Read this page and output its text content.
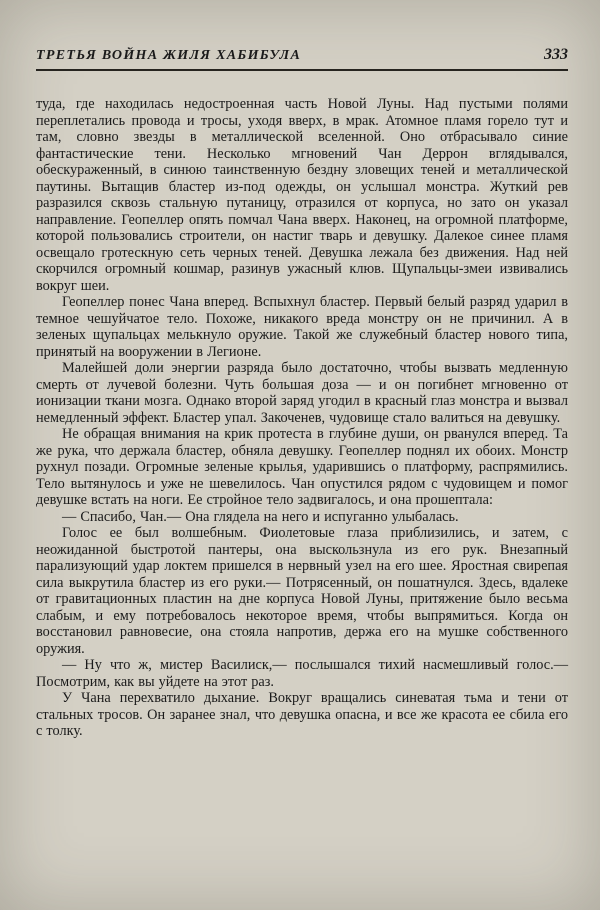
ТРЕТЬЯ ВОЙНА ЖИЛЯ ХАБИБУЛА	333

туда, где находилась недостроенная часть Новой Луны. Над пустыми полями переплетались провода и тросы, уходя вверх, в мрак. Атомное пламя горело тут и там, словно звезды в металлической вселенной. Оно отбрасывало синие фантастические тени. Несколько мгновений Чан Деррон вглядывался, обескураженный, в синюю таинственную бездну зловещих теней и металлической паутины. Вытащив бластер из-под одежды, он услышал монстра. Жуткий рев разразился сквозь стальную путаницу, отразился от корпуса, но зато он указал направление. Геопеллер опять помчал Чана вверх. Наконец, на огромной платформе, которой пользовались строители, он настиг тварь и девушку. Далекое синее пламя освещало гротескную сеть черных теней. Девушка лежала без движения. Над ней скорчился огромный кошмар, разинув ужасный клюв. Щупальцы-змеи извивались вокруг шеи.

Геопеллер понес Чана вперед. Вспыхнул бластер. Первый белый разряд ударил в темное чешуйчатое тело. Похоже, никакого вреда монстру он не причинил. А в зеленых щупальцах мелькнуло оружие. Такой же служебный бластер нового типа, принятый на вооружении в Легионе.

Малейшей доли энергии разряда было достаточно, чтобы вызвать медленную смерть от лучевой болезни. Чуть большая доза — и он погибнет мгновенно от ионизации ткани мозга. Однако второй заряд угодил в красный глаз монстра и вызвал немедленный эффект. Бластер упал. Закоченев, чудовище стало валиться на девушку.

Не обращая внимания на крик протеста в глубине души, он рванулся вперед. Та же рука, что держала бластер, обняла девушку. Геопеллер поднял их обоих. Монстр рухнул позади. Огромные зеленые крылья, ударившись о платформу, распрямились. Тело вытянулось и уже не шевелилось. Чан опустился рядом с чудовищем и помог девушке встать на ноги. Ее стройное тело задвигалось, и она прошептала:

— Спасибо, Чан.— Она глядела на него и испуганно улыбалась.

Голос ее был волшебным. Фиолетовые глаза приблизились, и затем, с неожиданной быстротой пантеры, она выскользнула из его рук. Внезапный парализующий удар локтем пришелся в нервный узел на его шее. Яростная свирепая сила выкрутила бластер из его руки.— Потрясенный, он пошатнулся. Здесь, вдалеке от гравитационных пластин на дне корпуса Новой Луны, притяжение было весьма слабым, и ему потребовалось некоторое время, чтобы выпрямиться. Когда он восстановил равновесие, она стояла напротив, держа его на мушке собственного оружия.

— Ну что ж, мистер Василиск,— послышался тихий насмешливый голос.— Посмотрим, как вы уйдете на этот раз.

У Чана перехватило дыхание. Вокруг вращались синеватая тьма и тени от стальных тросов. Он заранее знал, что девушка опасна, и все же красота ее сбила его с толку.
